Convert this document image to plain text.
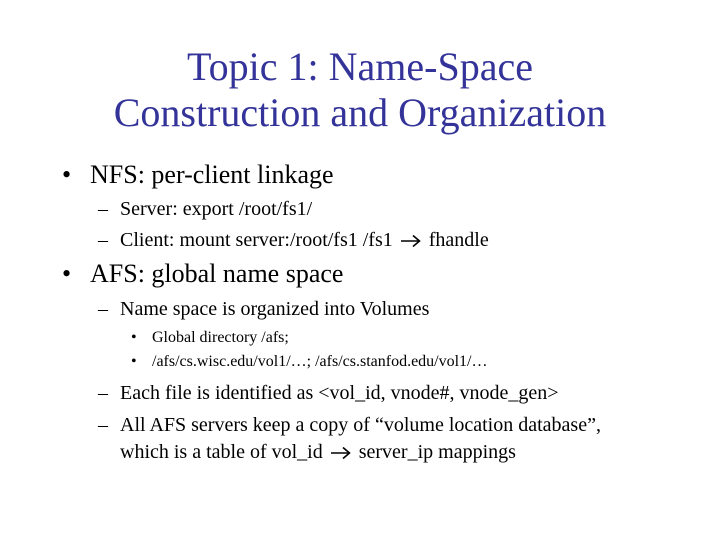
Topic 1: Name-Space
Construction and Organization
• NFS: per-client linkage
– Server: export /root/fs1/
– Client: mount server:/root/fs1 /fs1 fhandle
• AFS: global name space
– Name space is organized into Volumes
• Global directory /afs;
• /afs/cs.wisc.edu/vol1/…; /afs/cs.stanfod.edu/vol1/…
– Each file is identified as <vol_id, vnode#, vnode_gen>
– All AFS servers keep a copy of “volume location database”,
which is a table of vol_id server_ip mappings
